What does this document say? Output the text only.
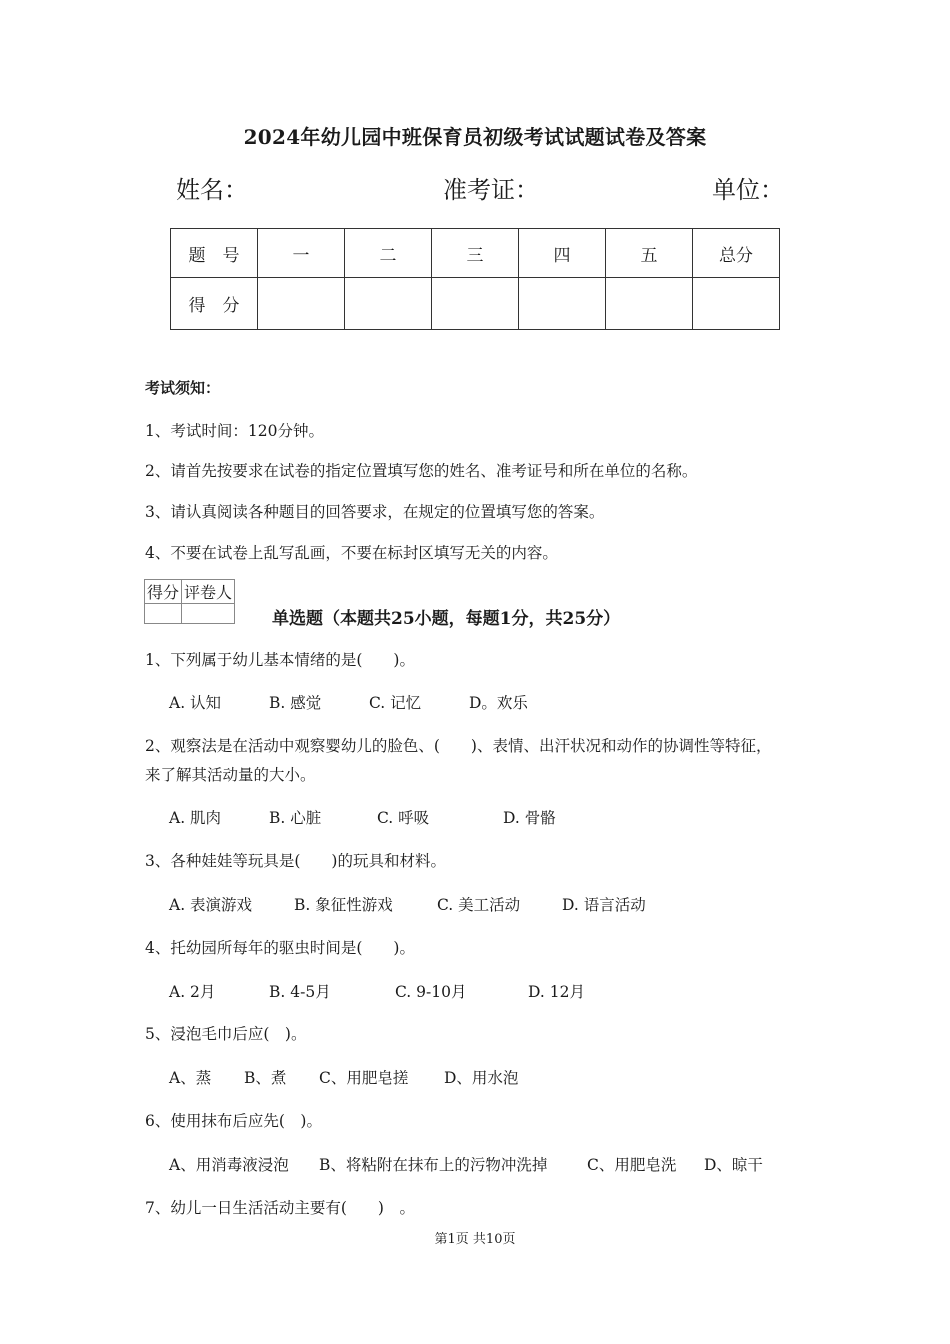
2024年幼儿园中班保育员初级考试试题试卷及答案
姓名：	准考证：	单位：
题　号	一	二	三	四	五	总分
得　分						
考试须知：
1、考试时间：120分钟。
2、请首先按要求在试卷的指定位置填写您的姓名、准考证号和所在单位的名称。
3、请认真阅读各种题目的回答要求，在规定的位置填写您的答案。
4、不要在试卷上乱写乱画，不要在标封区填写无关的内容。
得分	评卷人

单选题（本题共25小题，每题1分，共25分）
1、下列属于幼儿基本情绪的是(　　)。
A. 认知	B. 感觉	C. 记忆	D。欢乐
2、观察法是在活动中观察婴幼儿的脸色、(　　)、表情、出汗状况和动作的协调性等特征，
来了解其活动量的大小。
A. 肌肉	B. 心脏	C. 呼吸	D. 骨骼
3、各种娃娃等玩具是(　　)的玩具和材料。
A. 表演游戏	B. 象征性游戏	C. 美工活动	D. 语言活动
4、托幼园所每年的驱虫时间是(　　)。
A. 2月	B. 4-5月	C. 9-10月	D. 12月
5、浸泡毛巾后应(　)。
A、蒸 B、煮 C、用肥皂搓 D、用水泡
6、使用抹布后应先(　)。
A、用消毒液浸泡 B、将粘附在抹布上的污物冲洗掉	C、用肥皂洗 D、晾干
7、幼儿一日生活活动主要有(　　)　。
第1页 共10页
